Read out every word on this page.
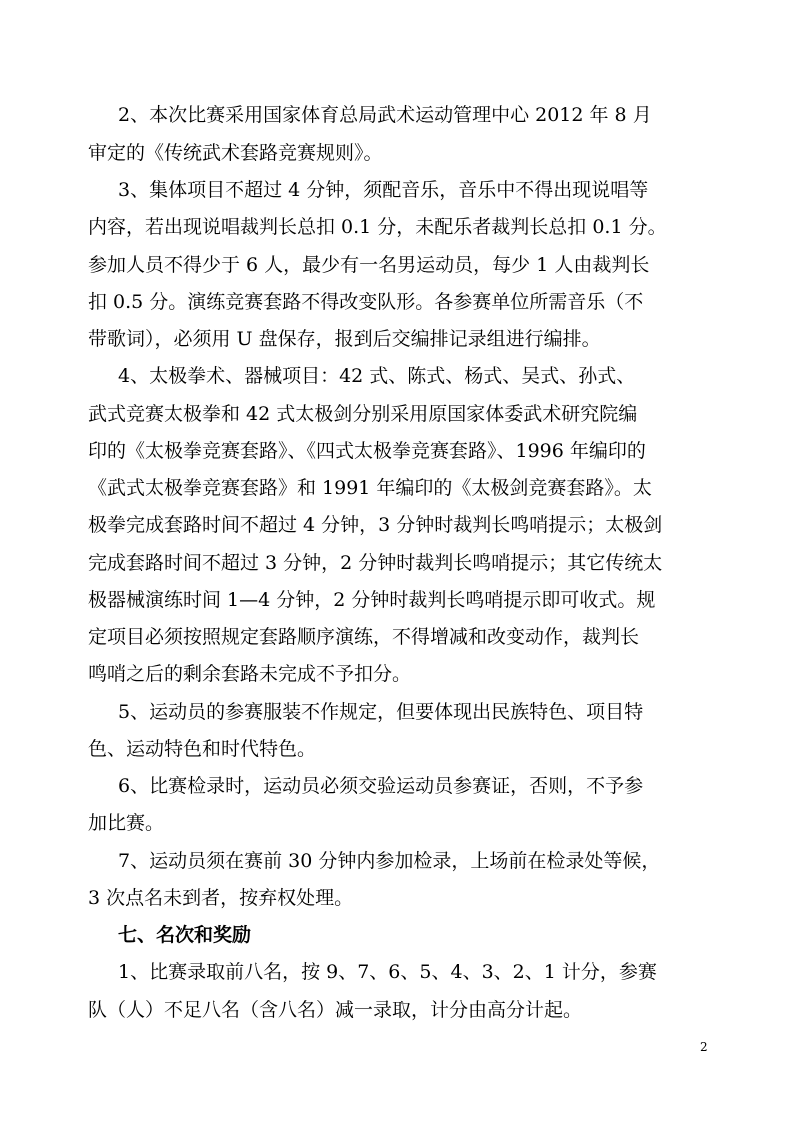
2、本次比赛采用国家体育总局武术运动管理中心 2012 年 8 月
审定的《传统武术套路竞赛规则》。
3、集体项目不超过 4 分钟，须配音乐，音乐中不得出现说唱等
内容，若出现说唱裁判长总扣 0.1 分，未配乐者裁判长总扣 0.1 分。
参加人员不得少于 6 人，最少有一名男运动员，每少 1 人由裁判长
扣 0.5 分。演练竞赛套路不得改变队形。各参赛单位所需音乐（不
带歌词），必须用 U 盘保存，报到后交编排记录组进行编排。
4、太极拳术、器械项目：42 式、陈式、杨式、吴式、孙式、
武式竞赛太极拳和 42 式太极剑分别采用原国家体委武术研究院编
印的《太极拳竞赛套路》、《四式太极拳竞赛套路》、1996 年编印的
《武式太极拳竞赛套路》和 1991 年编印的《太极剑竞赛套路》。太
极拳完成套路时间不超过 4 分钟，3 分钟时裁判长鸣哨提示；太极剑
完成套路时间不超过 3 分钟，2 分钟时裁判长鸣哨提示；其它传统太
极器械演练时间 1—4 分钟，2 分钟时裁判长鸣哨提示即可收式。规
定项目必须按照规定套路顺序演练，不得增减和改变动作，裁判长
鸣哨之后的剩余套路未完成不予扣分。
5、运动员的参赛服装不作规定，但要体现出民族特色、项目特
色、运动特色和时代特色。
6、比赛检录时，运动员必须交验运动员参赛证，否则，不予参
加比赛。
7、运动员须在赛前 30 分钟内参加检录，上场前在检录处等候，
3 次点名未到者，按弃权处理。
七、名次和奖励
1、比赛录取前八名，按 9、7、6、5、4、3、2、1 计分，参赛
队（人）不足八名（含八名）减一录取，计分由高分计起。
2
